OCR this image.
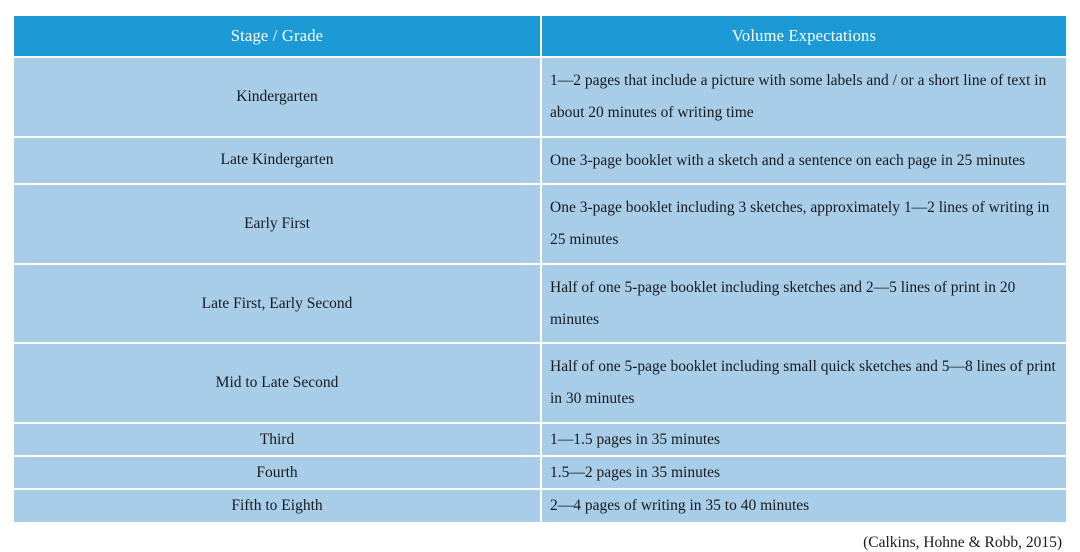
Stage / Grade	Volume Expectations
Kindergarten	1—2 pages that include a picture with some labels and / or a short line of text in about 20 minutes of writing time
Late Kindergarten	One 3-page booklet with a sketch and a sentence on each page in 25 minutes
Early First	One 3-page booklet including 3 sketches, approximately 1—2 lines of writing in 25 minutes
Late First, Early Second	Half of one 5-page booklet including sketches and 2—5 lines of print in 20 minutes
Mid to Late Second	Half of one 5-page booklet including small quick sketches and 5—8 lines of print in 30 minutes
Third	1—1.5 pages in 35 minutes
Fourth	1.5—2 pages in 35 minutes
Fifth to Eighth	2—4 pages of writing in 35 to 40 minutes
(Calkins, Hohne & Robb, 2015)
